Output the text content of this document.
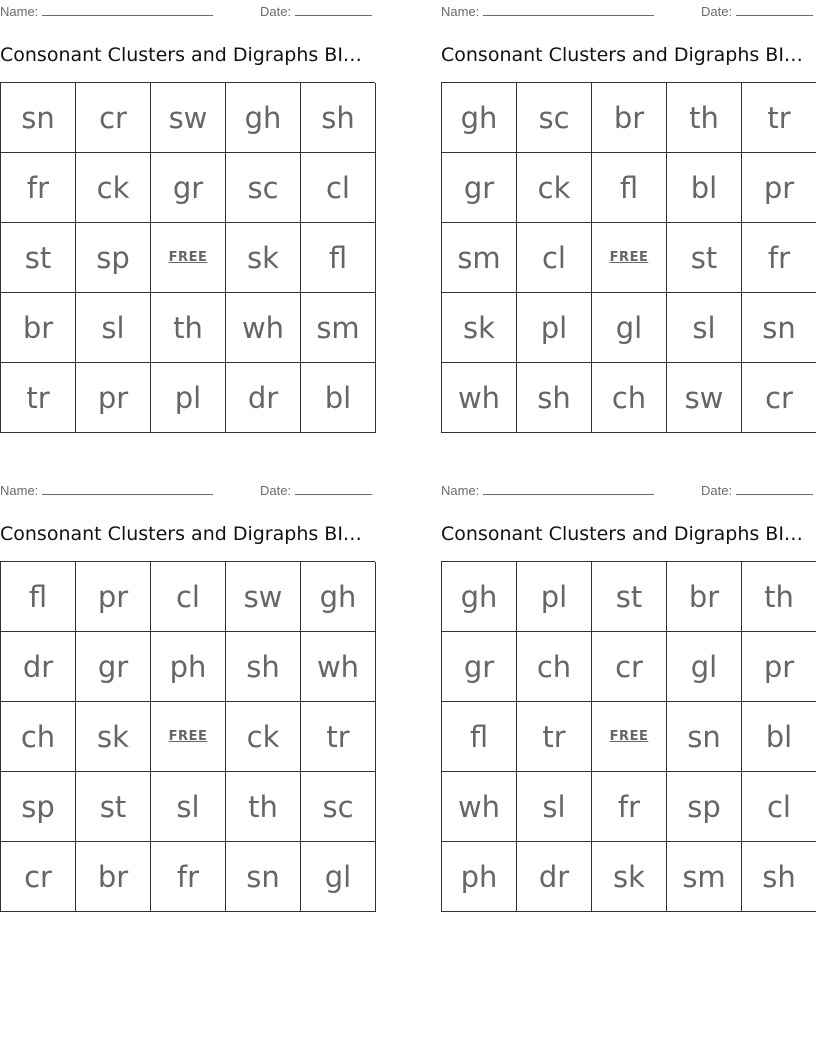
Name:	Date:
Consonant Clusters and Digraphs BI…
sn	cr	sw	gh	sh
fr	ck	gr	sc	cl
st	sp	FREE	sk	fl
br	sl	th	wh	sm
tr	pr	pl	dr	bl
Name:	Date:
Consonant Clusters and Digraphs BI…
gh	sc	br	th	tr
gr	ck	fl	bl	pr
sm	cl	FREE	st	fr
sk	pl	gl	sl	sn
wh	sh	ch	sw	cr
Name:	Date:
Consonant Clusters and Digraphs BI…
fl	pr	cl	sw	gh
dr	gr	ph	sh	wh
ch	sk	FREE	ck	tr
sp	st	sl	th	sc
cr	br	fr	sn	gl
Name:	Date:
Consonant Clusters and Digraphs BI…
gh	pl	st	br	th
gr	ch	cr	gl	pr
fl	tr	FREE	sn	bl
wh	sl	fr	sp	cl
ph	dr	sk	sm	sh
